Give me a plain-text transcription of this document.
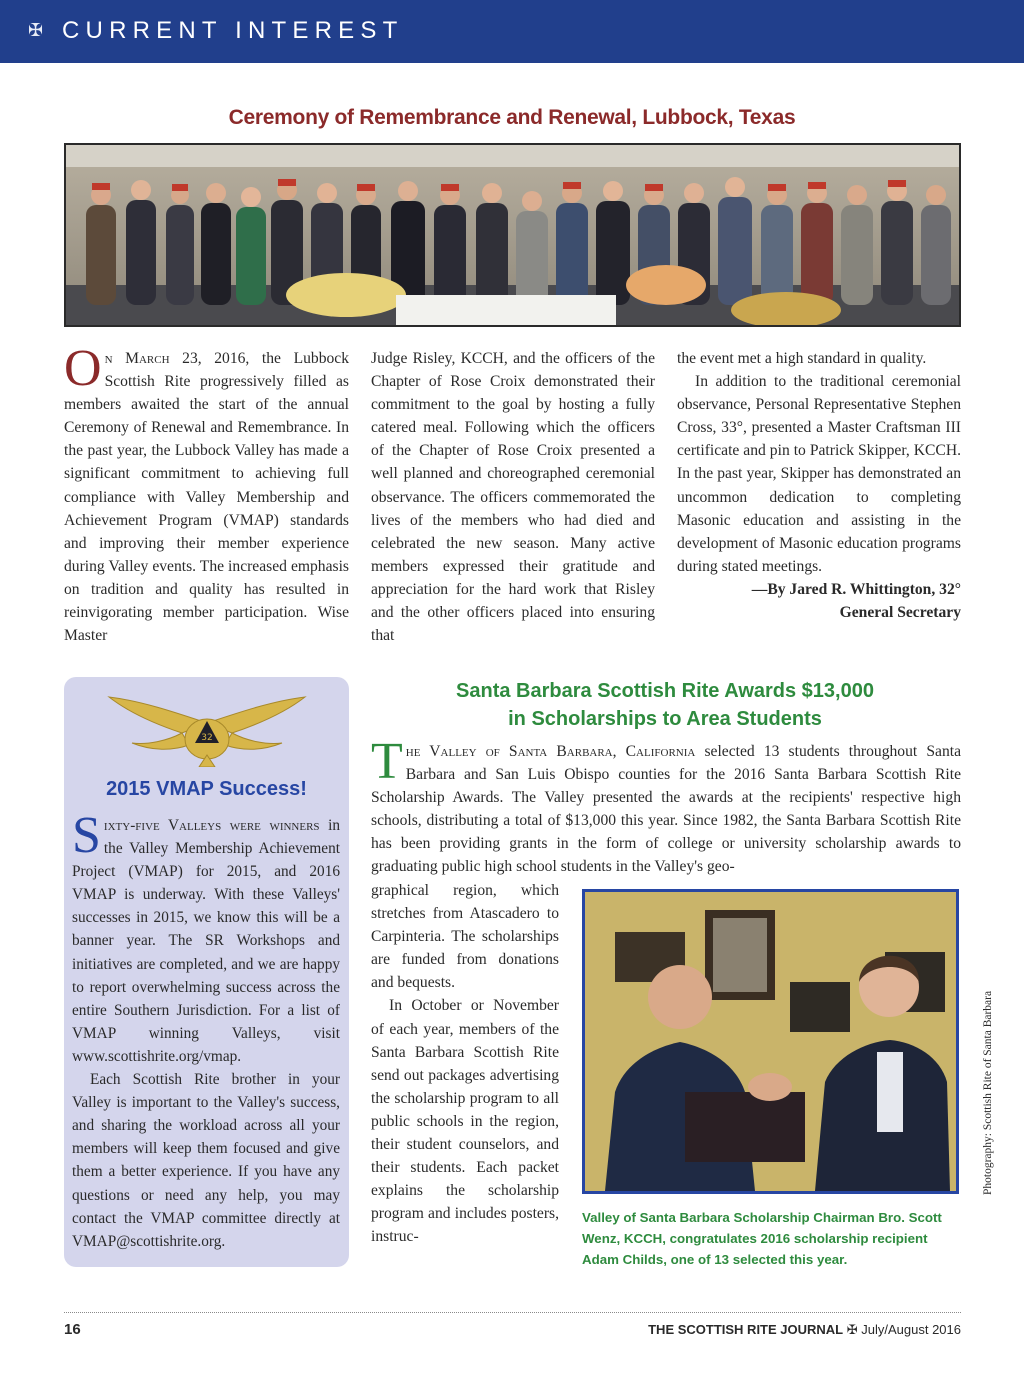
✠ CURRENT INTEREST
Ceremony of Remembrance and Renewal, Lubbock, Texas

On March 23, 2016, the Lubbock Scottish Rite progressively filled as members awaited the start of the annual Ceremony of Renewal and Remembrance. In the past year, the Lubbock Valley has made a significant commitment to achieving full compliance with Valley Membership and Achievement Program (VMAP) standards and improving their member experience during Valley events. The increased emphasis on tradition and quality has resulted in reinvigorating member participation. Wise Master

Judge Risley, KCCH, and the officers of the Chapter of Rose Croix demonstrated their commitment to the goal by hosting a fully catered meal. Following which the officers of the Chapter of Rose Croix presented a well planned and choreographed ceremonial observance. The officers commemorated the lives of the members who had died and celebrated the new season. Many active members expressed their gratitude and appreciation for the hard work that Risley and the other officers placed into ensuring that

the event met a high standard in quality.

In addition to the traditional ceremonial observance, Personal Representative Stephen Cross, 33°, presented a Master Craftsman III certificate and pin to Patrick Skipper, KCCH. In the past year, Skipper has demonstrated an uncommon dedication to completing Masonic education and assisting in the development of Masonic education programs during stated meetings.

—By Jared R. Whittington, 32°

General Secretary

32
2015 VMAP Success!

Sixty-five Valleys were winners in the Valley Membership Achievement Project (VMAP) for 2015, and 2016 VMAP is underway. With these Valleys' successes in 2015, we know this will be a banner year. The SR Workshops and initiatives are completed, and we are happy to report overwhelming success across the entire Southern Jurisdiction. For a list of VMAP winning Valleys, visit www.scottishrite.org/vmap.

Each Scottish Rite brother in your Valley is important to the Valley's success, and sharing the workload across all your members will keep them focused and give them a better experience. If you have any questions or need any help, you may contact the VMAP committee directly at VMAP@scottishrite.org.

Santa Barbara Scottish Rite Awards $13,000
in Scholarships to Area Students

The Valley of Santa Barbara, California selected 13 students throughout Santa Barbara and San Luis Obispo counties for the 2016 Santa Barbara Scottish Rite Scholarship Awards. The Valley presented the awards at the recipients' respective high schools, distributing a total of $13,000 this year. Since 1982, the Santa Barbara Scottish Rite has been providing grants in the form of college or university scholarship awards to graduating public high school students in the Valley's geo-

graphical region, which stretches from Atascadero to Carpinteria. The scholarships are funded from donations and bequests.

In October or November of each year, members of the Santa Barbara Scottish Rite send out packages advertising the scholarship program to all public schools in the region, their student counselors, and their students. Each packet explains the scholarship program and includes posters, instruc-

Valley of Santa Barbara Scholarship Chairman Bro. Scott Wenz, KCCH, congratulates 2016 scholarship recipient Adam Childs, one of 13 selected this year.
Photography: Scottish Rite of Santa Barbara
16	THE SCOTTISH RITE JOURNAL ✠ July/August 2016
